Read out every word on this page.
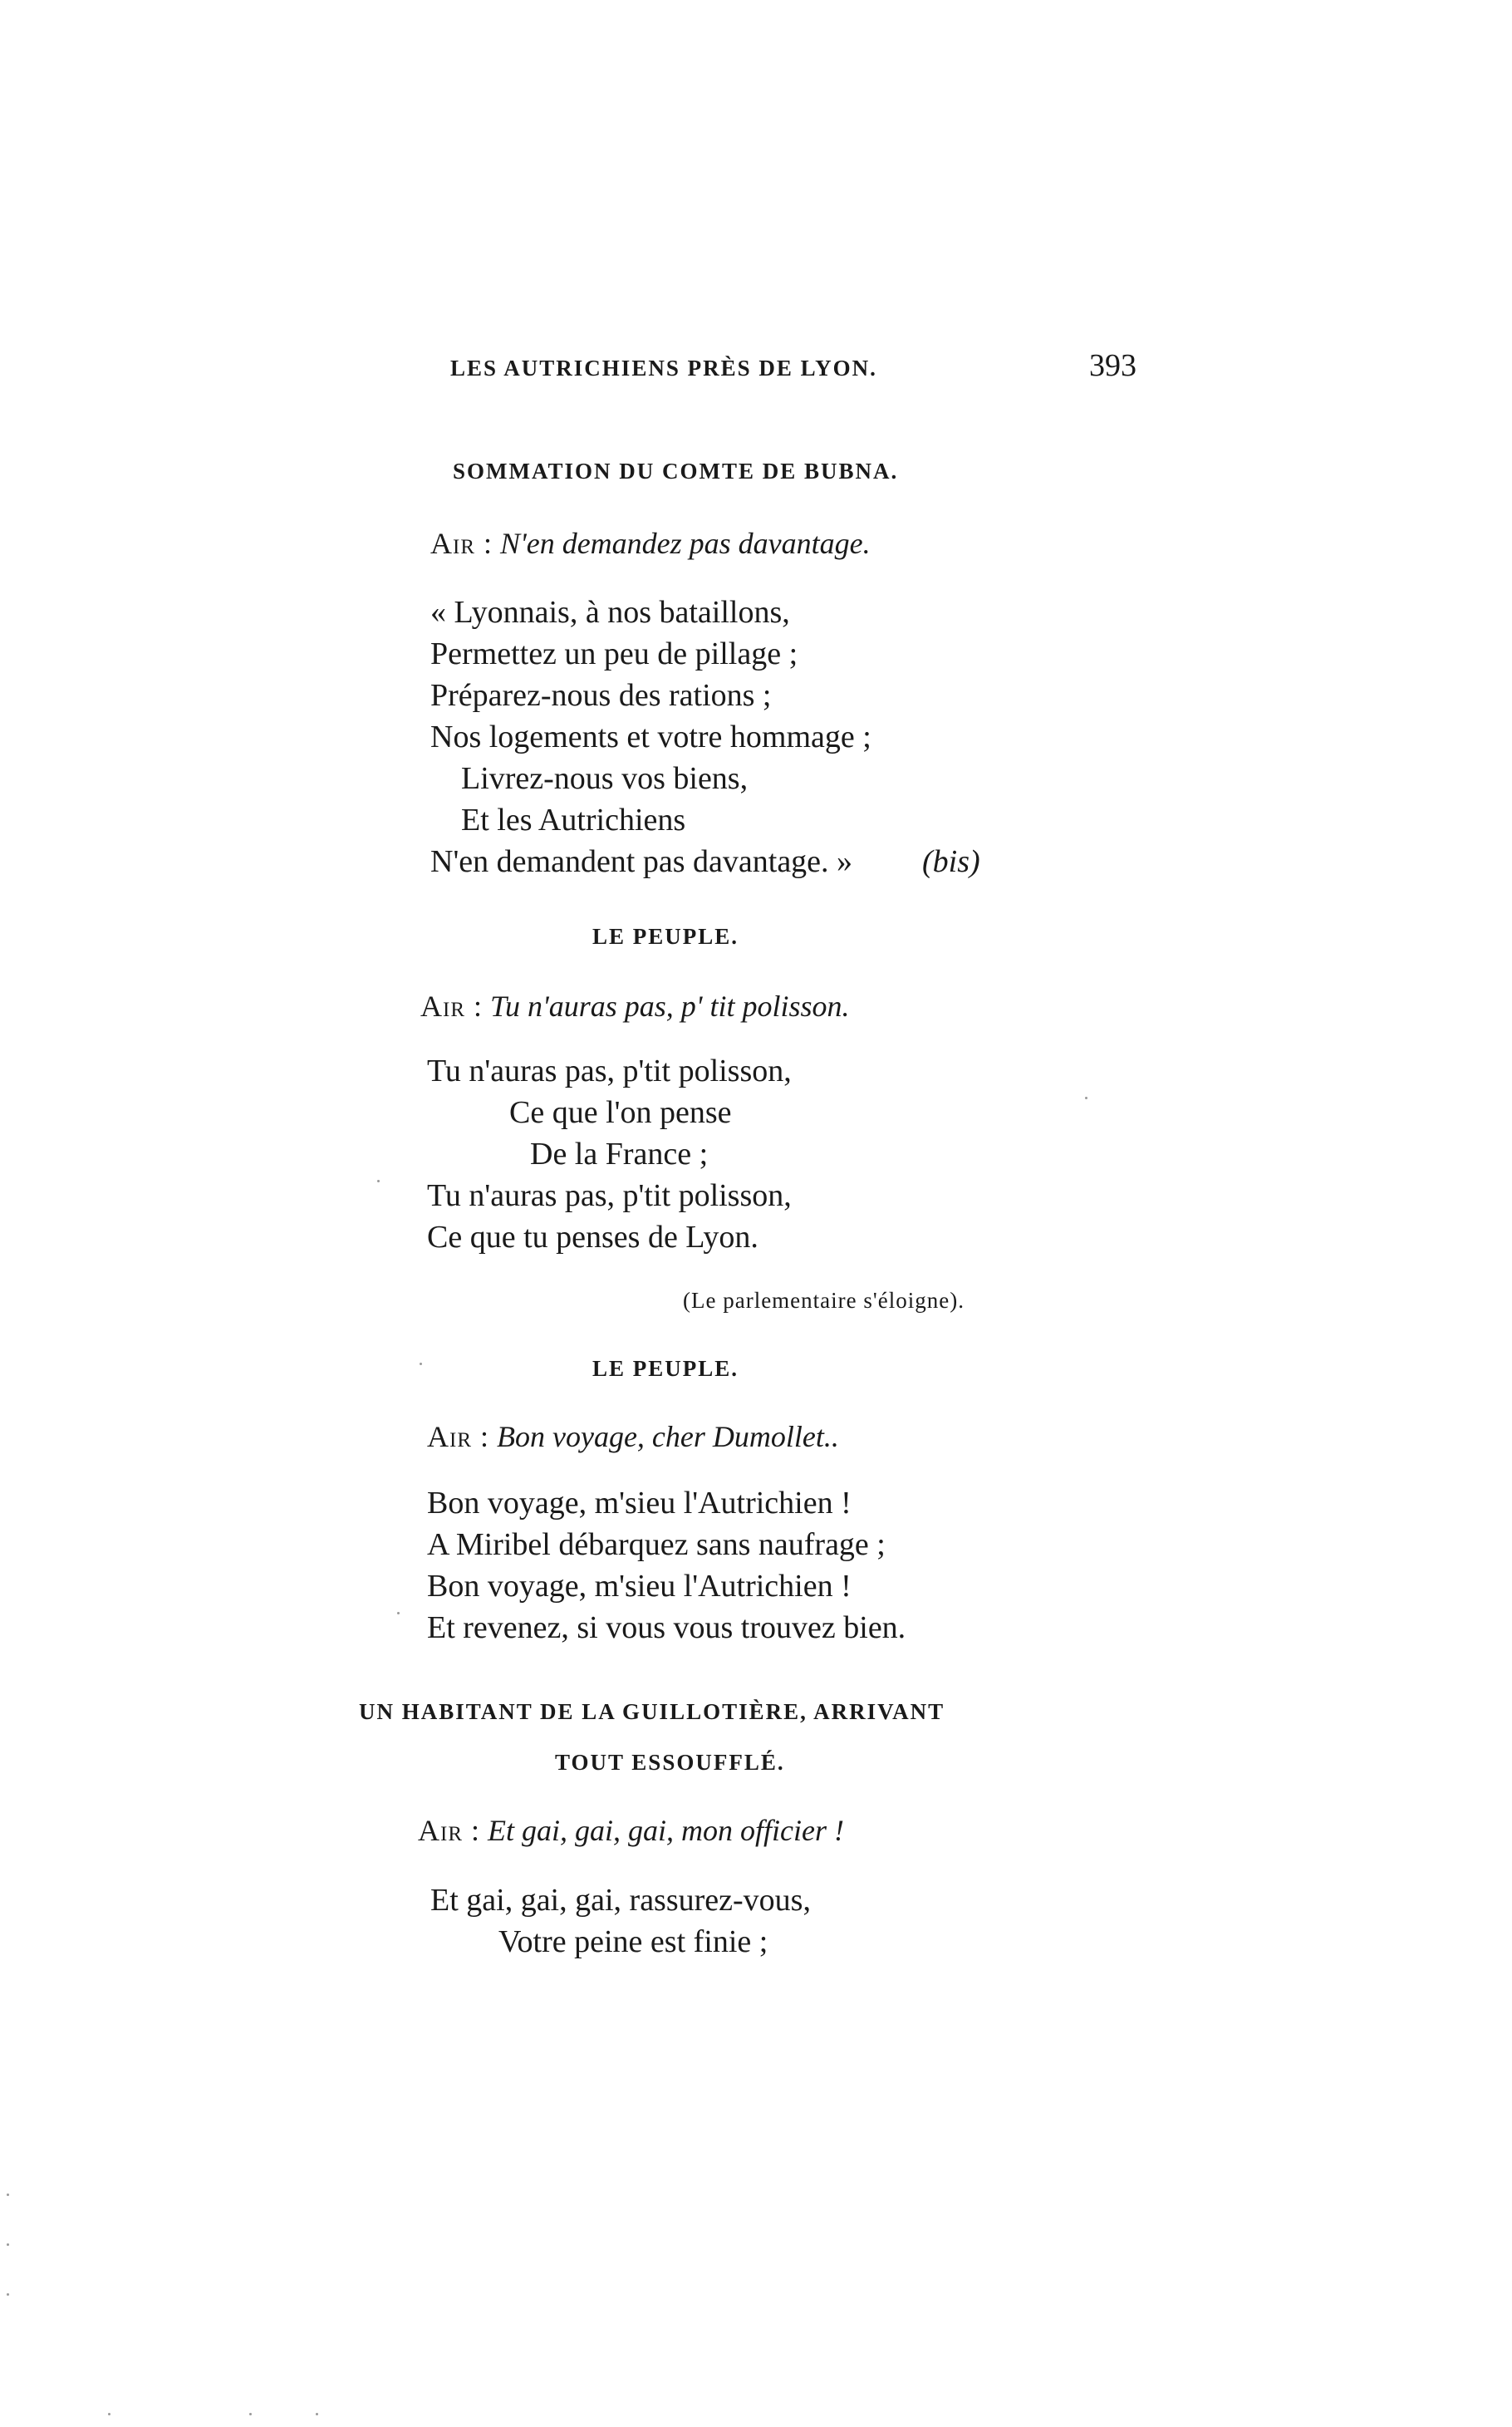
LES AUTRICHIENS PRÈS DE LYON.	393
SOMMATION DU COMTE DE BUBNA.
Air : N'en demandez pas davantage.
« Lyonnais, à nos bataillons,
Permettez un peu de pillage ;
Préparez-nous des rations ;
Nos logements et votre hommage ;
Livrez-nous vos biens,
Et les Autrichiens
N'en demandent pas davantage. » (bis)
LE PEUPLE.
Air : Tu n'auras pas, p' tit polisson.
Tu n'auras pas, p'tit polisson,
Ce que l'on pense
De la France ;
Tu n'auras pas, p'tit polisson,
Ce que tu penses de Lyon.
(Le parlementaire s'éloigne).
LE PEUPLE.
Air : Bon voyage, cher Dumollet..
Bon voyage, m'sieu l'Autrichien !
A Miribel débarquez sans naufrage ;
Bon voyage, m'sieu l'Autrichien !
Et revenez, si vous vous trouvez bien.
UN HABITANT DE LA GUILLOTIÈRE, ARRIVANT
TOUT ESSOUFFLÉ.
Air : Et gai, gai, gai, mon officier !
Et gai, gai, gai, rassurez-vous,
Votre peine est finie ;
